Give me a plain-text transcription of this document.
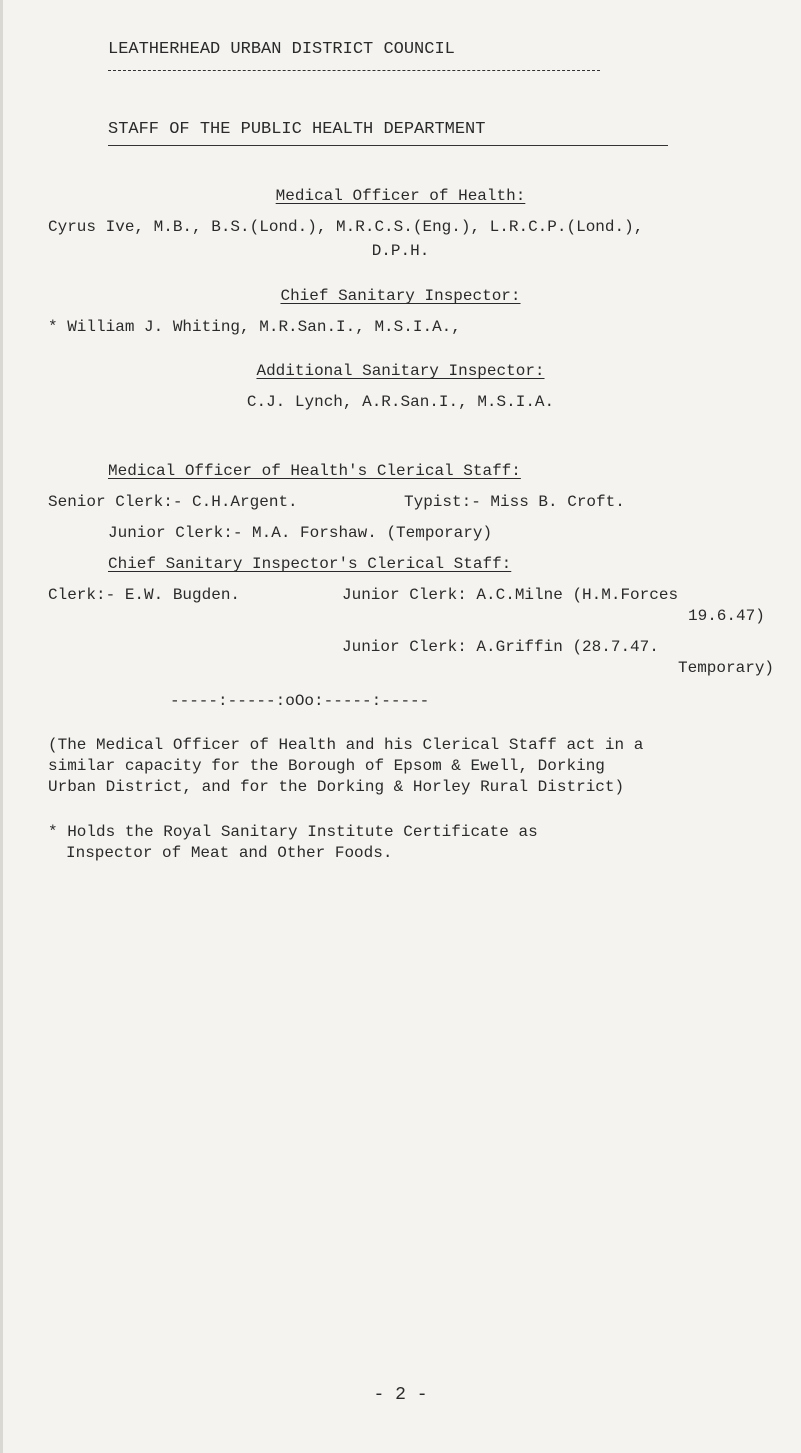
LEATHERHEAD URBAN DISTRICT COUNCIL
STAFF OF THE PUBLIC HEALTH DEPARTMENT
Medical Officer of Health:
Cyrus Ive, M.B., B.S.(Lond.), M.R.C.S.(Eng.), L.R.C.P.(Lond.),
D.P.H.
Chief Sanitary Inspector:
* William J. Whiting, M.R.San.I., M.S.I.A.,
Additional Sanitary Inspector:
C.J. Lynch, A.R.San.I., M.S.I.A.
Medical Officer of Health's Clerical Staff:
Senior Clerk:- C.H.Argent.	Typist:- Miss B. Croft.
Junior Clerk:- M.A. Forshaw. (Temporary)
Chief Sanitary Inspector's Clerical Staff:
Clerk:- E.W. Bugden.	Junior Clerk: A.C.Milne (H.M.Forces
19.6.47)
Junior Clerk: A.Griffin (28.7.47.
Temporary)
-----:-----:oOo:-----:-----
(The Medical Officer of Health and his Clerical Staff act in a
similar capacity for the Borough of Epsom & Ewell, Dorking
Urban District, and for the Dorking & Horley Rural District)
* Holds the Royal Sanitary Institute Certificate as
Inspector of Meat and Other Foods.
- 2 -
